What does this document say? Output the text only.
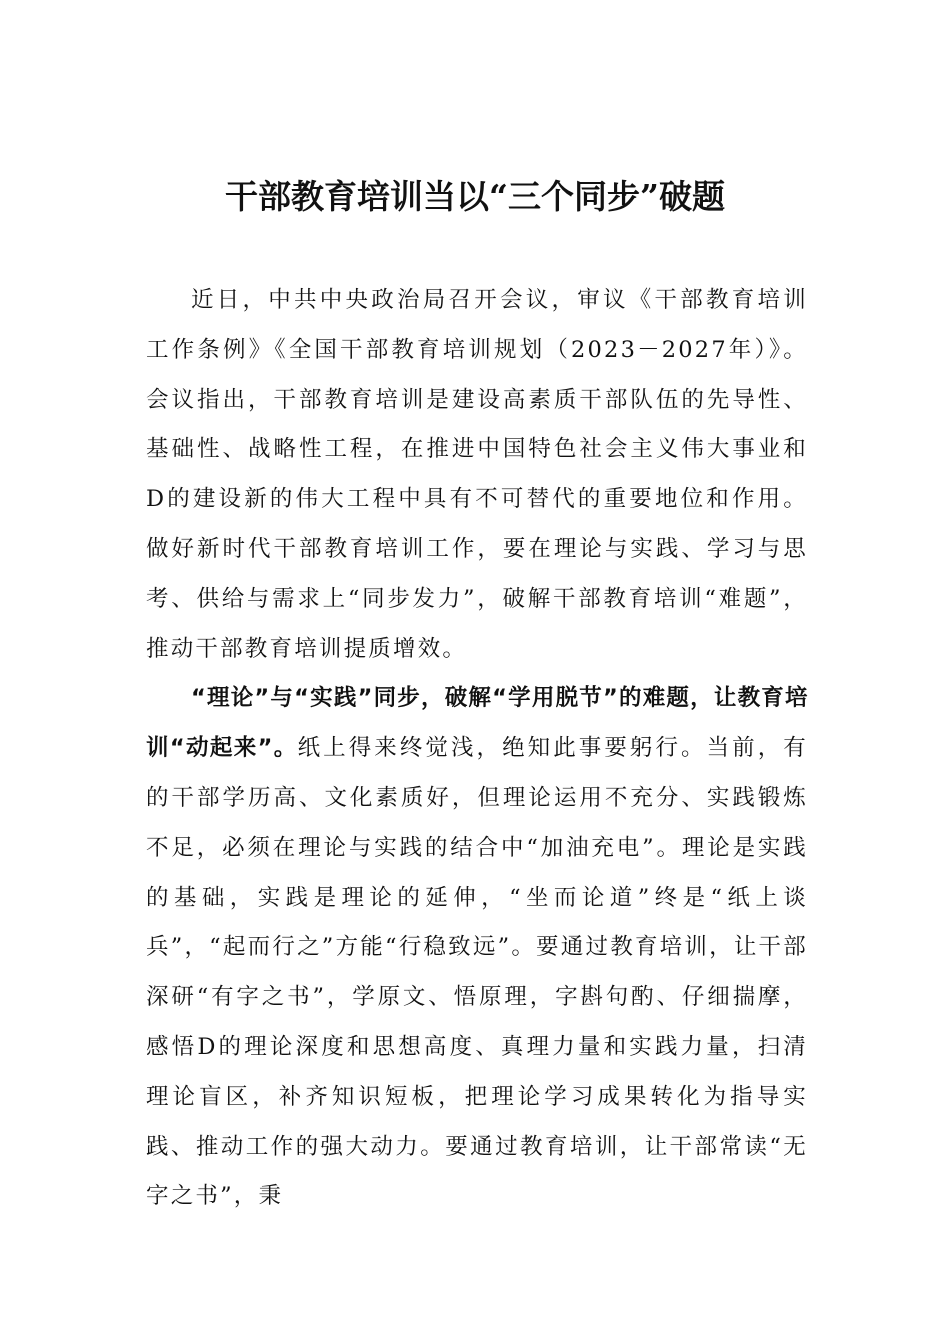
干部教育培训当以“三个同步”破题

近日，中共中央政治局召开会议，审议《干部教育培训工作条例》《全国干部教育培训规划（2023－2027年）》。会议指出，干部教育培训是建设高素质干部队伍的先导性、基础性、战略性工程，在推进中国特色社会主义伟大事业和D的建设新的伟大工程中具有不可替代的重要地位和作用。做好新时代干部教育培训工作，要在理论与实践、学习与思考、供给与需求上“同步发力”，破解干部教育培训“难题”，推动干部教育培训提质增效。

“理论”与“实践”同步，破解“学用脱节”的难题，让教育培训“动起来”。纸上得来终觉浅，绝知此事要躬行。当前，有的干部学历高、文化素质好，但理论运用不充分、实践锻炼不足，必须在理论与实践的结合中“加油充电”。理论是实践的基础，实践是理论的延伸，“坐而论道”终是“纸上谈兵”，“起而行之”方能“行稳致远”。要通过教育培训，让干部深研“有字之书”，学原文、悟原理，字斟句酌、仔细揣摩，感悟D的理论深度和思想高度、真理力量和实践力量，扫清理论盲区，补齐知识短板，把理论学习成果转化为指导实践、推动工作的强大动力。要通过教育培训，让干部常读“无字之书”，秉
